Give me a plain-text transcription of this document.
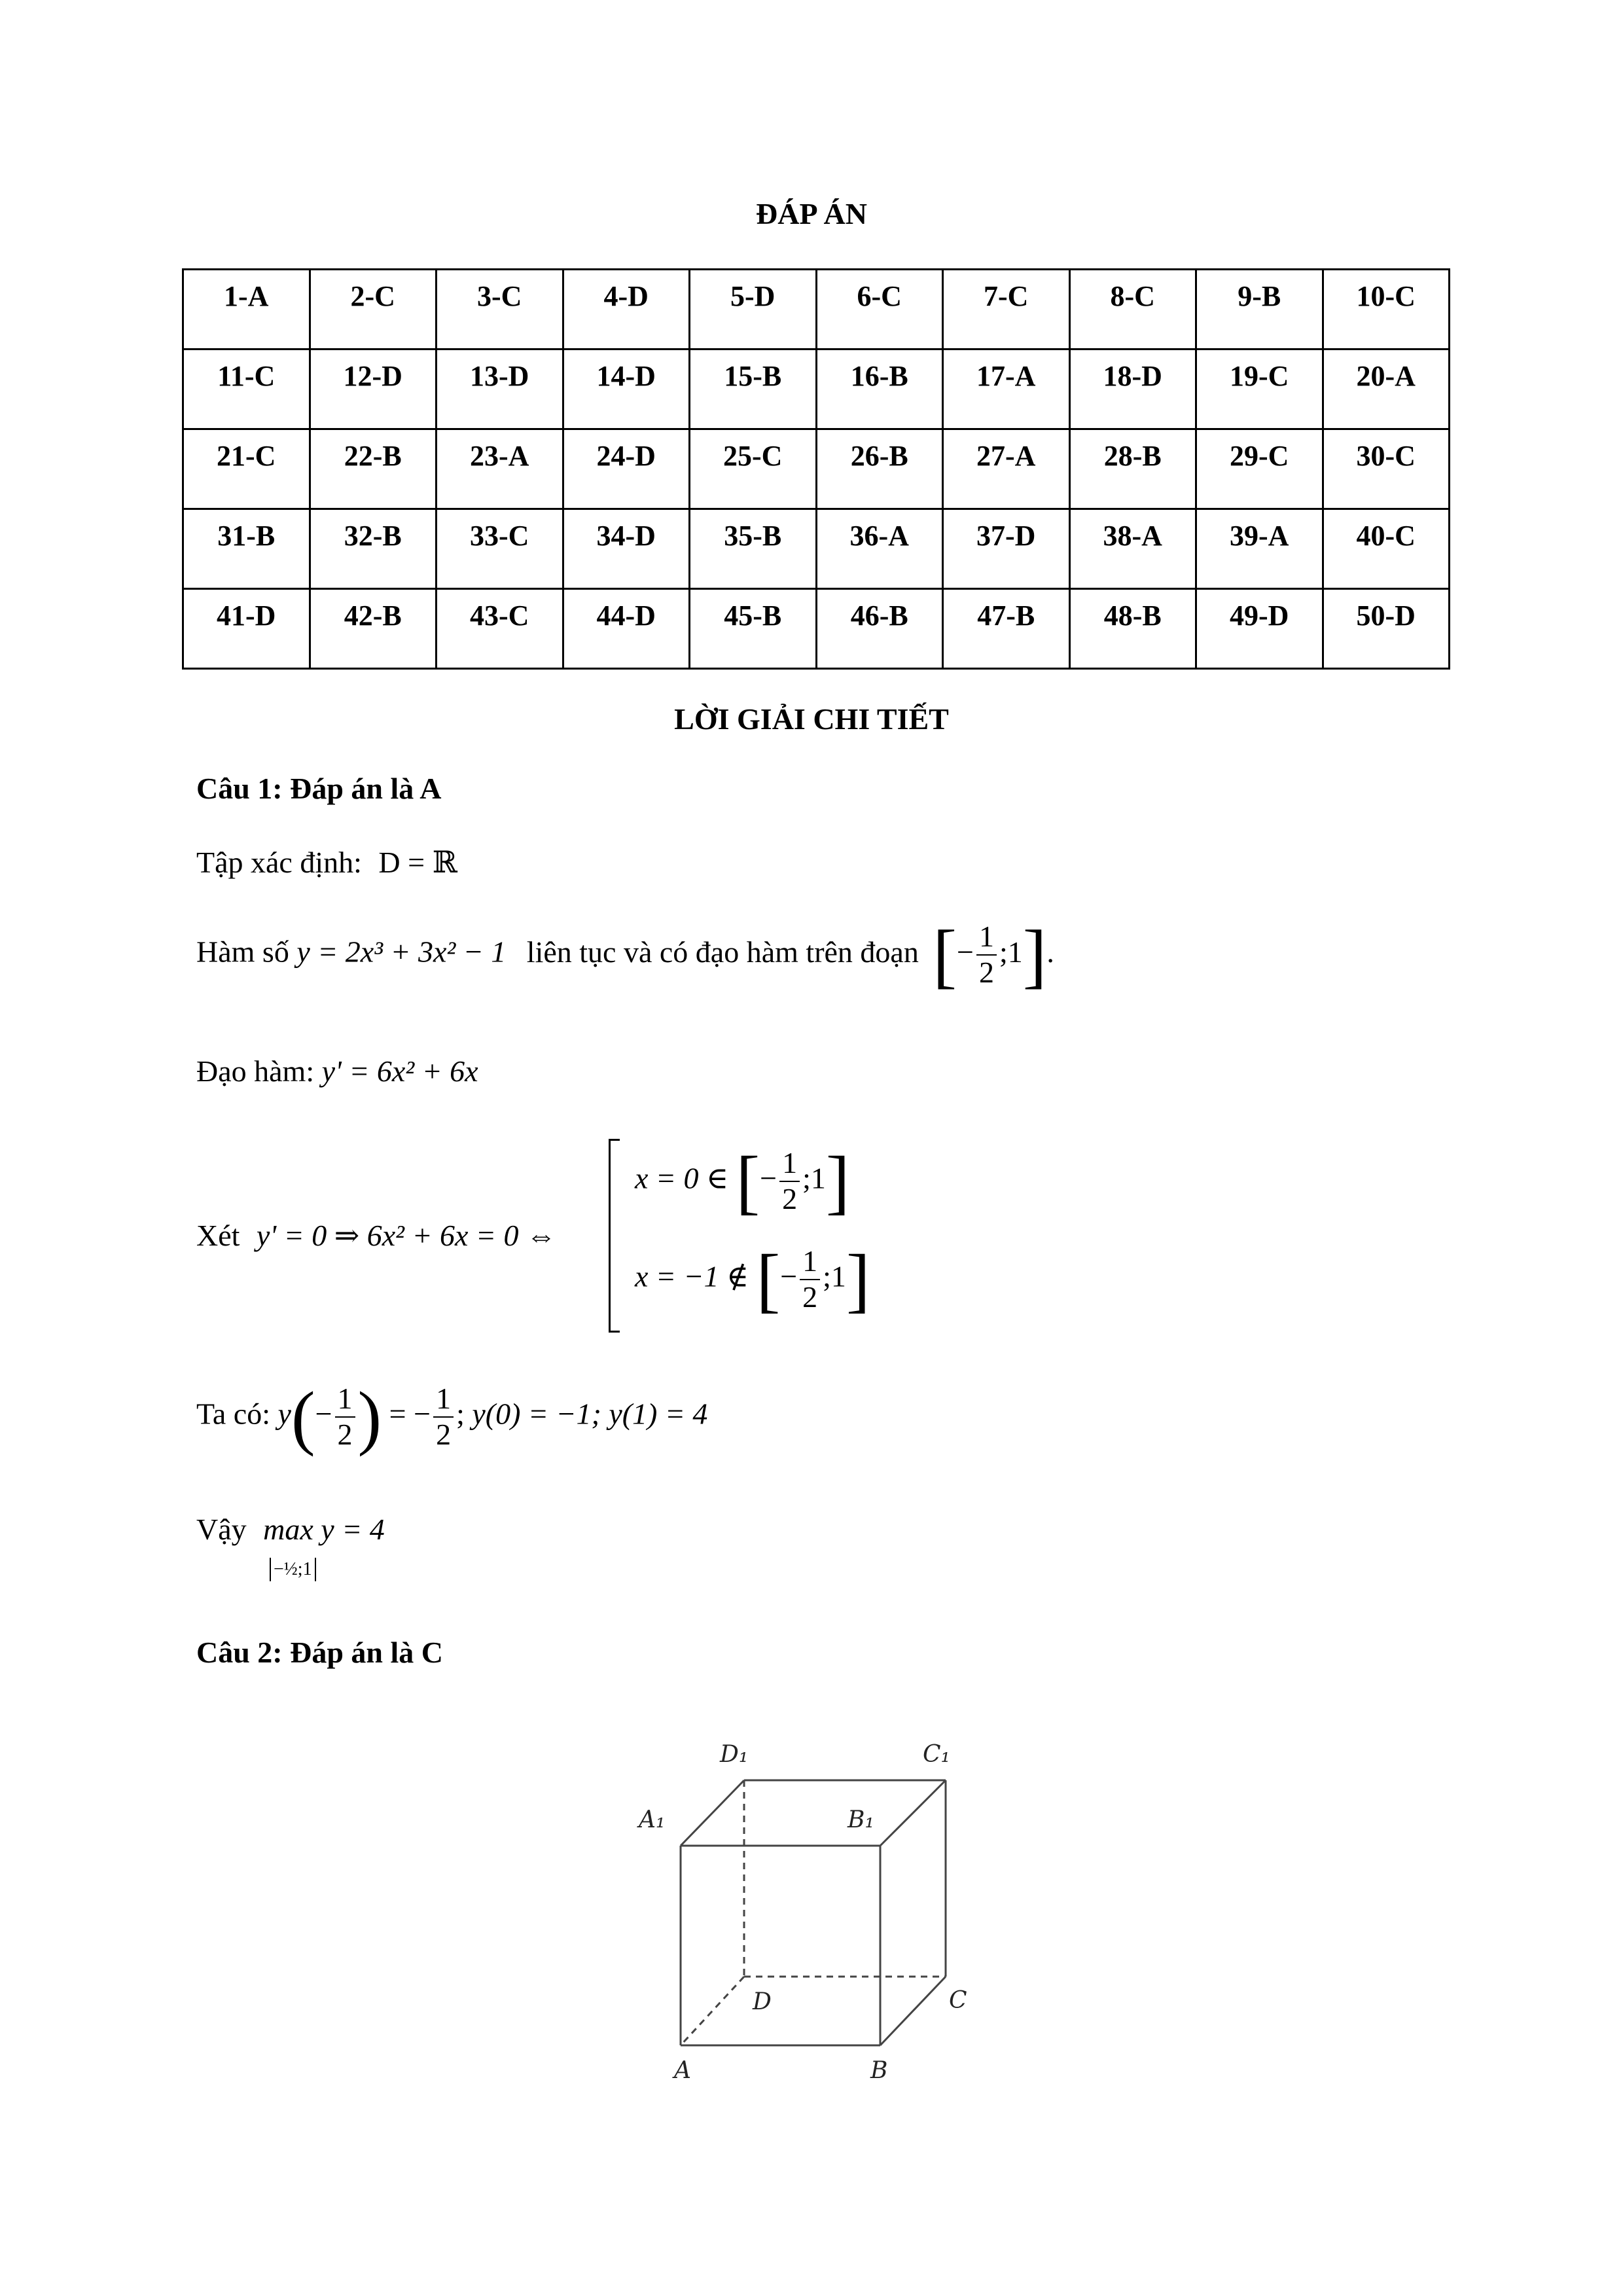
ĐÁP ÁN
1-A	2-C	3-C	4-D	5-D	6-C	7-C	8-C	9-B	10-C
11-C	12-D	13-D	14-D	15-B	16-B	17-A	18-D	19-C	20-A
21-C	22-B	23-A	24-D	25-C	26-B	27-A	28-B	29-C	30-C
31-B	32-B	33-C	34-D	35-B	36-A	37-D	38-A	39-A	40-C
41-D	42-B	43-C	44-D	45-B	46-B	47-B	48-B	49-D	50-D
LỜI GIẢI CHI TIẾT
Câu 1: Đáp án là A
Tập xác định: D = ℝ
Hàm số y = 2x³ + 3x² − 1 liên tục và có đạo hàm trên đoạn [− $\frac{1}{2}$ ;1].
Đạo hàm: y' = 6x² + 6x
Xét y' = 0 ⇒ 6x² + 6x = 0 ⇔
x = 0 ∈ [− $\frac{1}{2}$ ;1]
x = −1 ∉ [− $\frac{1}{2}$ ;1]
Ta có: $y(- \frac{1}{2}$ ) = − $\frac{1}{2}$ ; y(0) = −1; y(1) = 4
Vậy max y = 4
−½;1
Câu 2: Đáp án là C
D₁	C₁
A₁	B₁
D	C
A	B
